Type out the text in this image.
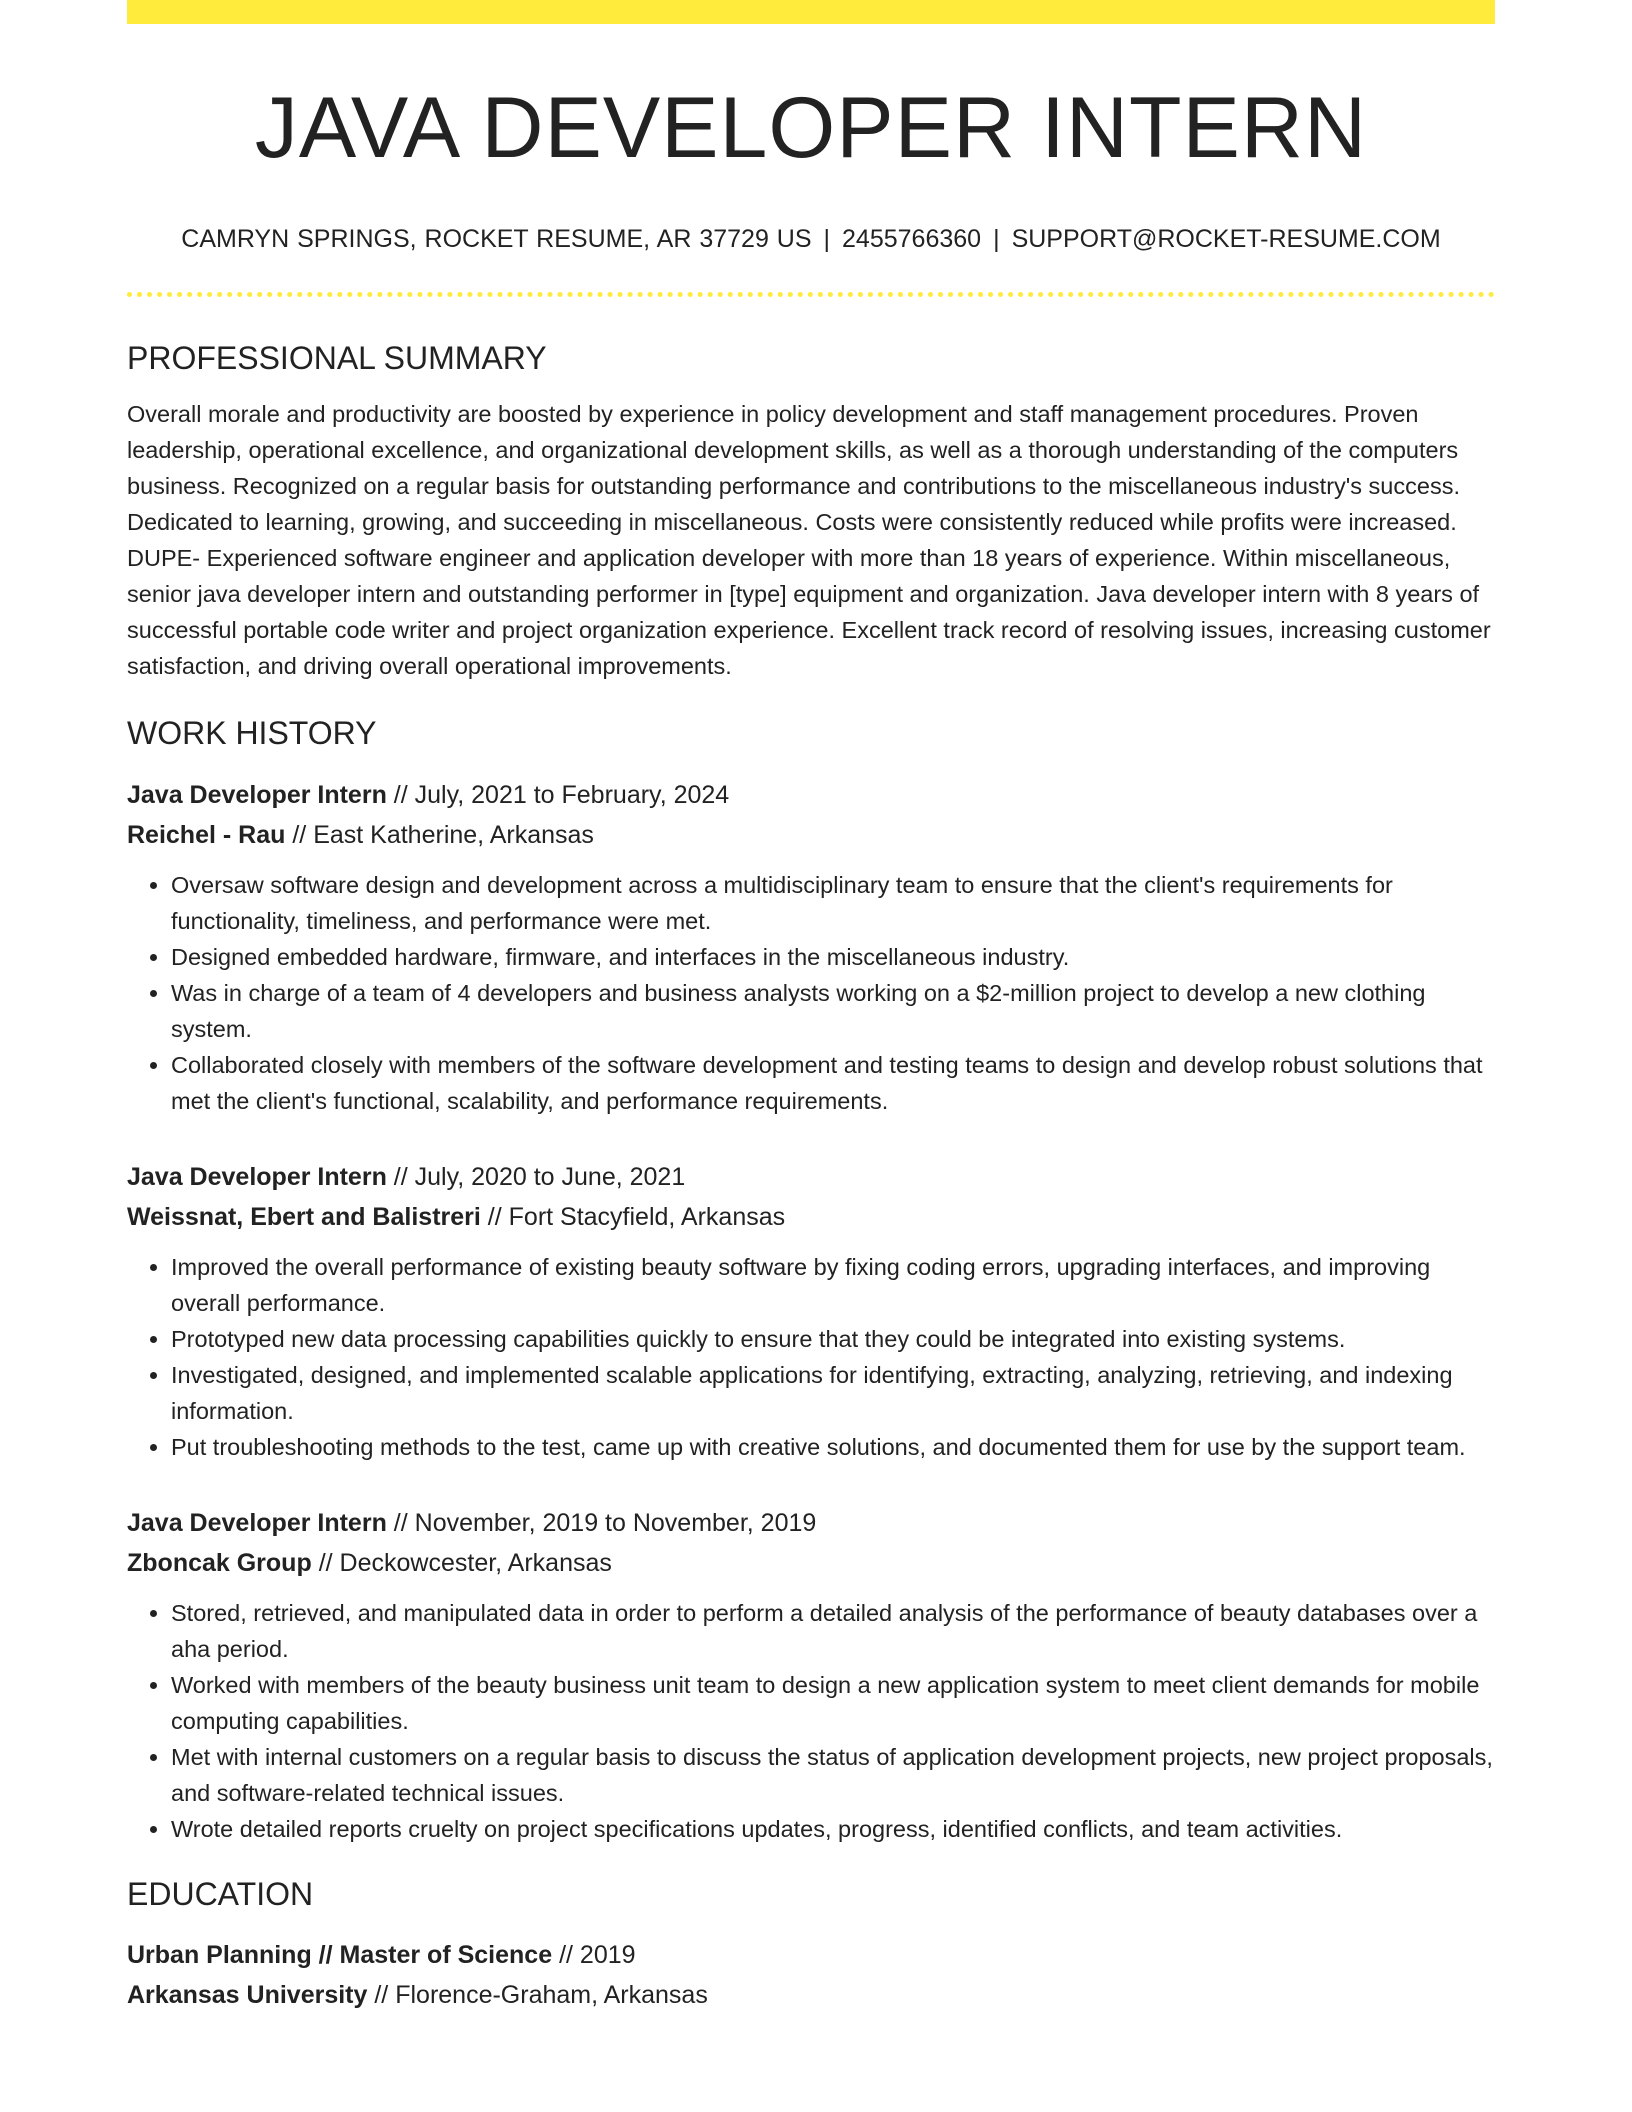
JAVA DEVELOPER INTERN
CAMRYN SPRINGS, ROCKET RESUME, AR 37729 US | 2455766360 | SUPPORT@ROCKET-RESUME.COM
PROFESSIONAL SUMMARY
Overall morale and productivity are boosted by experience in policy development and staff management procedures. Proven leadership, operational excellence, and organizational development skills, as well as a thorough understanding of the computers business. Recognized on a regular basis for outstanding performance and contributions to the miscellaneous industry's success. Dedicated to learning, growing, and succeeding in miscellaneous. Costs were consistently reduced while profits were increased. DUPE- Experienced software engineer and application developer with more than 18 years of experience. Within miscellaneous, senior java developer intern and outstanding performer in [type] equipment and organization. Java developer intern with 8 years of successful portable code writer and project organization experience. Excellent track record of resolving issues, increasing customer satisfaction, and driving overall operational improvements.
WORK HISTORY
Java Developer Intern // July, 2021 to February, 2024
Reichel - Rau // East Katherine, Arkansas
• Oversaw software design and development across a multidisciplinary team to ensure that the client's requirements for functionality, timeliness, and performance were met.
• Designed embedded hardware, firmware, and interfaces in the miscellaneous industry.
• Was in charge of a team of 4 developers and business analysts working on a $2-million project to develop a new clothing system.
• Collaborated closely with members of the software development and testing teams to design and develop robust solutions that met the client's functional, scalability, and performance requirements.
Java Developer Intern // July, 2020 to June, 2021
Weissnat, Ebert and Balistreri // Fort Stacyfield, Arkansas
• Improved the overall performance of existing beauty software by fixing coding errors, upgrading interfaces, and improving overall performance.
• Prototyped new data processing capabilities quickly to ensure that they could be integrated into existing systems.
• Investigated, designed, and implemented scalable applications for identifying, extracting, analyzing, retrieving, and indexing information.
• Put troubleshooting methods to the test, came up with creative solutions, and documented them for use by the support team.
Java Developer Intern // November, 2019 to November, 2019
Zboncak Group // Deckowcester, Arkansas
• Stored, retrieved, and manipulated data in order to perform a detailed analysis of the performance of beauty databases over a aha period.
• Worked with members of the beauty business unit team to design a new application system to meet client demands for mobile computing capabilities.
• Met with internal customers on a regular basis to discuss the status of application development projects, new project proposals, and software-related technical issues.
• Wrote detailed reports cruelty on project specifications updates, progress, identified conflicts, and team activities.
EDUCATION
Urban Planning // Master of Science // 2019
Arkansas University // Florence-Graham, Arkansas
